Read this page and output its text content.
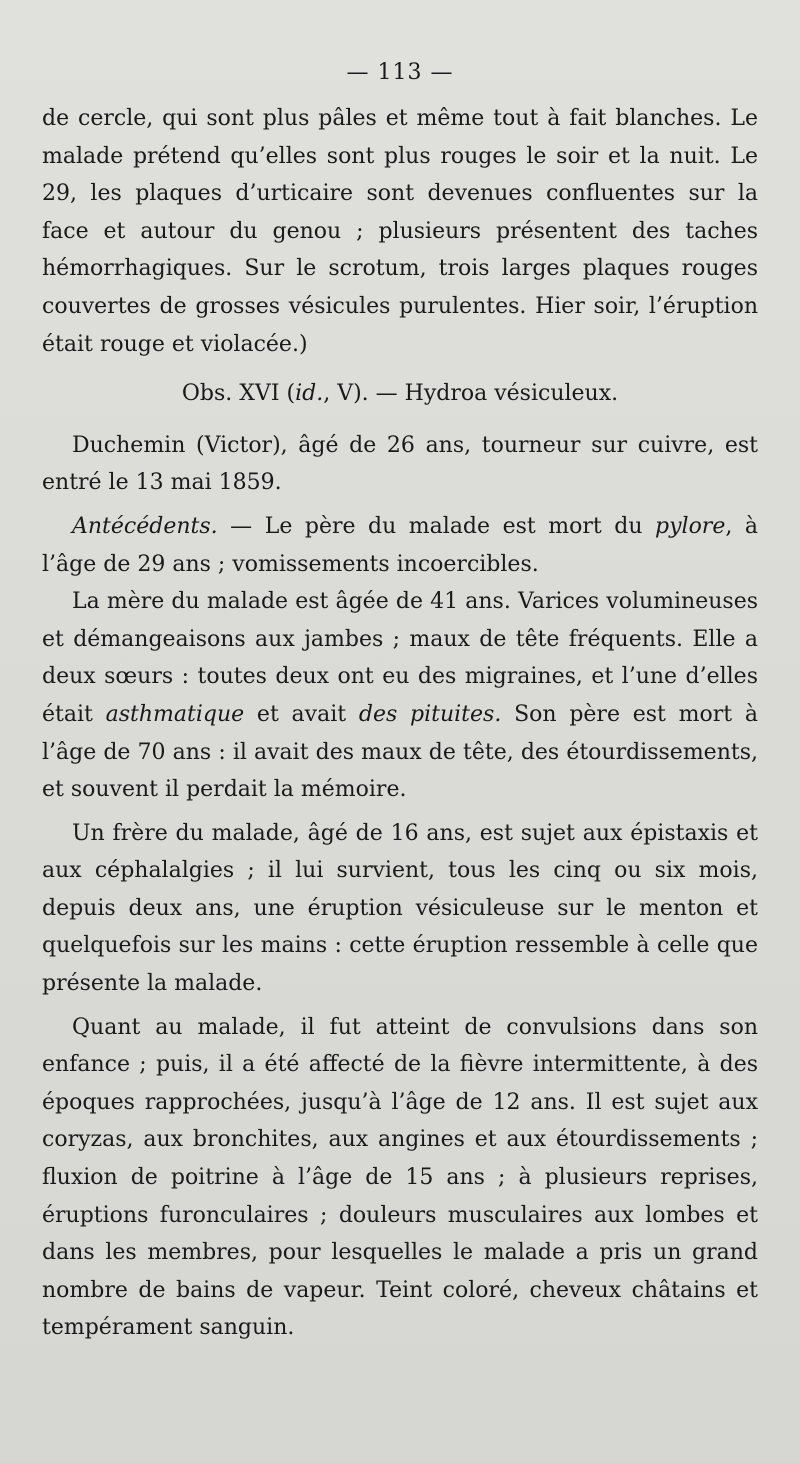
— 113 —

de cercle, qui sont plus pâles et même tout à fait blanches. Le malade prétend qu’elles sont plus rouges le soir et la nuit. Le 29, les plaques d’urticaire sont devenues confluentes sur la face et autour du genou ; plusieurs présentent des taches hémorrhagiques. Sur le scrotum, trois larges plaques rouges couvertes de grosses vésicules purulentes. Hier soir, l’éruption était rouge et violacée.)

Obs. XVI (id., V). — Hydroa vésiculeux.

Duchemin (Victor), âgé de 26 ans, tourneur sur cuivre, est entré le 13 mai 1859.

Antécédents. — Le père du malade est mort du pylore, à l’âge de 29 ans ; vomissements incoercibles.

La mère du malade est âgée de 41 ans. Varices volumineuses et démangeaisons aux jambes ; maux de tête fréquents. Elle a deux sœurs : toutes deux ont eu des migraines, et l’une d’elles était asthmatique et avait des pituites. Son père est mort à l’âge de 70 ans : il avait des maux de tête, des étourdissements, et souvent il perdait la mémoire.

Un frère du malade, âgé de 16 ans, est sujet aux épistaxis et aux céphalalgies ; il lui survient, tous les cinq ou six mois, depuis deux ans, une éruption vésiculeuse sur le menton et quelquefois sur les mains : cette éruption ressemble à celle que présente la malade.

Quant au malade, il fut atteint de convulsions dans son enfance ; puis, il a été affecté de la fièvre intermittente, à des époques rapprochées, jusqu’à l’âge de 12 ans. Il est sujet aux coryzas, aux bronchites, aux angines et aux étourdissements ; fluxion de poitrine à l’âge de 15 ans ; à plusieurs reprises, éruptions furonculaires ; douleurs musculaires aux lombes et dans les membres, pour lesquelles le malade a pris un grand nombre de bains de vapeur. Teint coloré, cheveux châtains et tempérament sanguin.
